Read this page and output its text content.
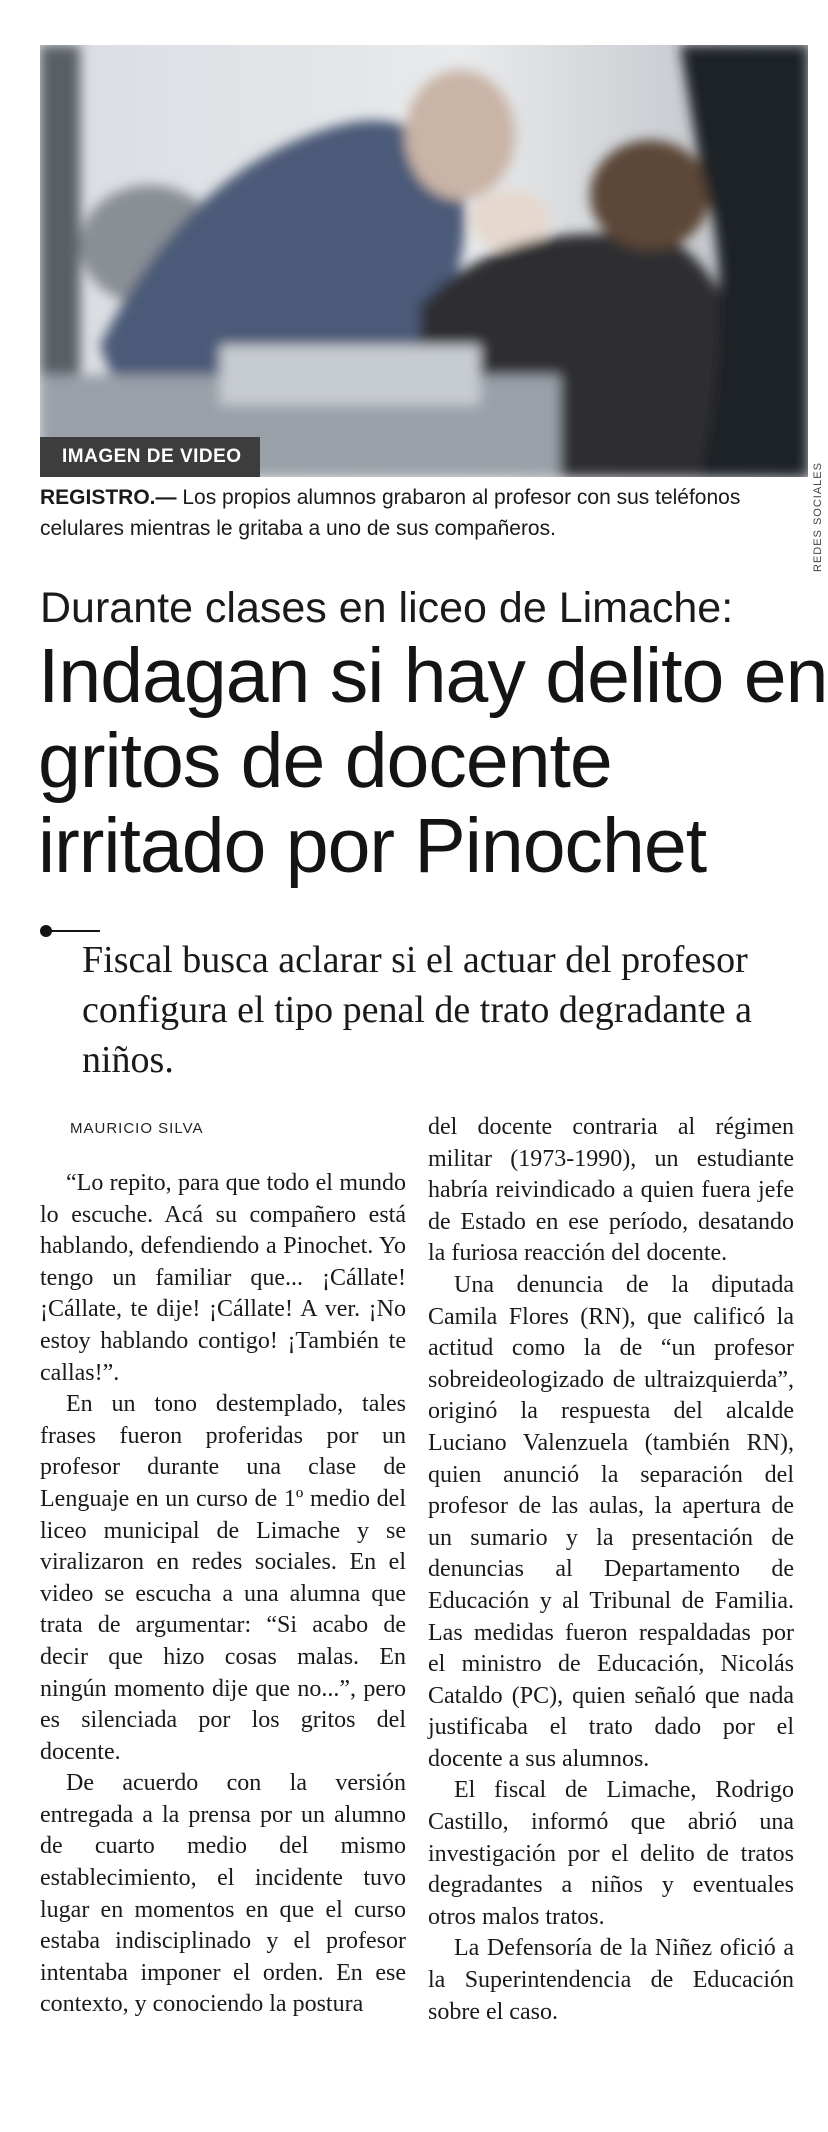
IMAGEN DE VIDEO
REDES SOCIALES

REGISTRO.— Los propios alumnos grabaron al profesor con sus teléfonos celulares mientras le gritaba a uno de sus compañeros.

Durante clases en liceo de Limache:
Indagan si hay delito en gritos de docente irritado por Pinochet

Fiscal busca aclarar si el actuar del profesor configura el tipo penal de trato degradante a niños.

MAURICIO SILVA

“Lo repito, para que todo el mundo lo escuche. Acá su compañero está hablando, defendiendo a Pinochet. Yo tengo un familiar que... ¡Cállate! ¡Cállate, te dije! ¡Cállate! A ver. ¡No estoy hablando contigo! ¡También te callas!”.

En un tono destemplado, tales frases fueron proferidas por un profesor durante una clase de Lenguaje en un curso de 1º medio del liceo municipal de Limache y se viralizaron en redes sociales. En el video se escucha a una alumna que trata de argumentar: “Si acabo de decir que hizo cosas malas. En ningún momento dije que no...”, pero es silenciada por los gritos del docente.

De acuerdo con la versión entregada a la prensa por un alumno de cuarto medio del mismo establecimiento, el incidente tuvo lugar en momentos en que el curso estaba indisciplinado y el profesor intentaba imponer el orden. En ese contexto, y conociendo la postura

del docente contraria al régimen militar (1973-1990), un estudiante habría reivindicado a quien fuera jefe de Estado en ese período, desatando la furiosa reacción del docente.

Una denuncia de la diputada Camila Flores (RN), que calificó la actitud como la de “un profesor sobreideologizado de ultraizquierda”, originó la respuesta del alcalde Luciano Valenzuela (también RN), quien anunció la separación del profesor de las aulas, la apertura de un sumario y la presentación de denuncias al Departamento de Educación y al Tribunal de Familia. Las medidas fueron respaldadas por el ministro de Educación, Nicolás Cataldo (PC), quien señaló que nada justificaba el trato dado por el docente a sus alumnos.

El fiscal de Limache, Rodrigo Castillo, informó que abrió una investigación por el delito de tratos degradantes a niños y eventuales otros malos tratos.

La Defensoría de la Niñez ofició a la Superintendencia de Educación sobre el caso.
